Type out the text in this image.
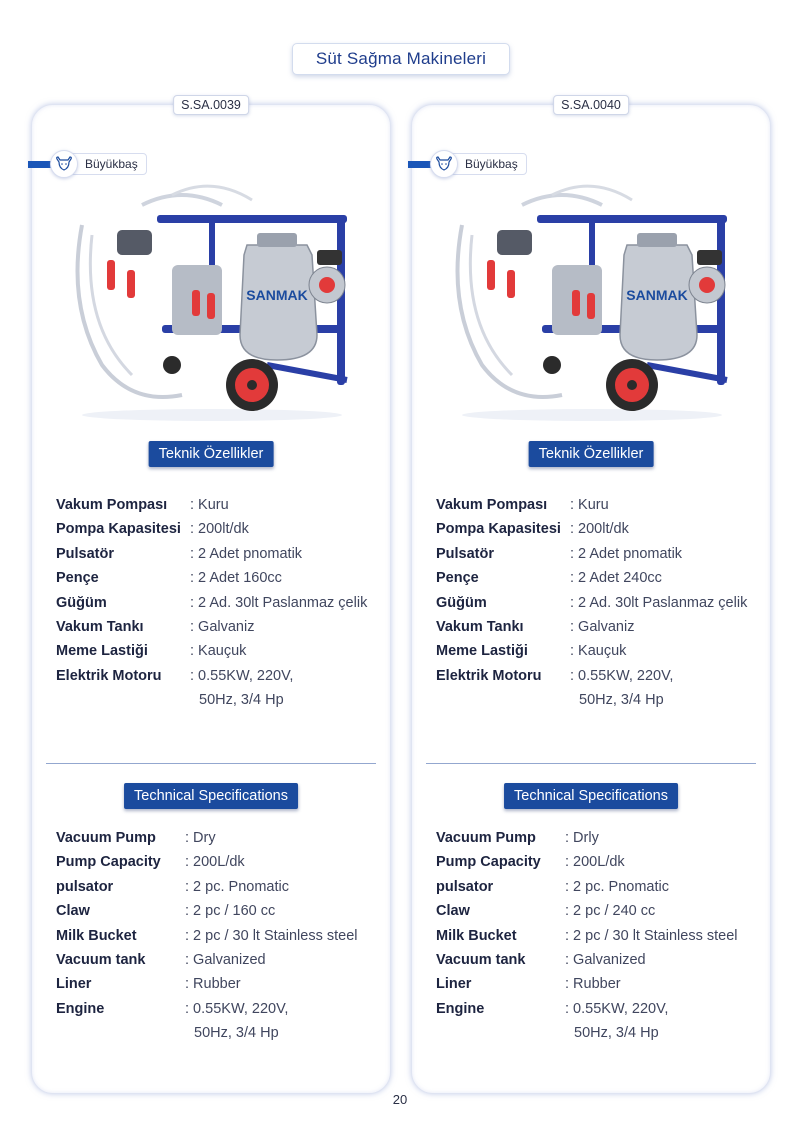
Süt Sağma Makineleri
S.SA.0039
Büyükbaş
SANMAK
Teknik Özellikler
Vakum Pompası	: Kuru
Pompa Kapasitesi : 200lt/dk
Pulsatör	: 2 Adet pnomatik
Pençe	: 2 Adet 160cc
Güğüm	: 2 Ad. 30lt Paslanmaz çelik
Vakum Tankı	: Galvaniz
Meme Lastiği	: Kauçuk
Elektrik Motoru	: 0.55KW, 220V,
50Hz, 3/4 Hp
Technical Specifications
Vacuum Pump	: Dry
Pump Capacity	: 200L/dk
pulsator	: 2 pc. Pnomatic
Claw	: 2 pc / 160 cc
Milk Bucket	: 2 pc / 30 lt Stainless steel
Vacuum tank	: Galvanized
Liner	: Rubber
Engine	: 0.55KW, 220V,
50Hz, 3/4 Hp
S.SA.0040
Büyükbaş
SANMAK
Teknik Özellikler
Vakum Pompası	: Kuru
Pompa Kapasitesi : 200lt/dk
Pulsatör	: 2 Adet pnomatik
Pençe	: 2 Adet 240cc
Güğüm	: 2 Ad. 30lt Paslanmaz çelik
Vakum Tankı	: Galvaniz
Meme Lastiği	: Kauçuk
Elektrik Motoru	: 0.55KW, 220V,
50Hz, 3/4 Hp
Technical Specifications
Vacuum Pump	: Drly
Pump Capacity	: 200L/dk
pulsator	: 2 pc. Pnomatic
Claw	: 2 pc / 240 cc
Milk Bucket	: 2 pc / 30 lt Stainless steel
Vacuum tank	: Galvanized
Liner	: Rubber
Engine	: 0.55KW, 220V,
50Hz, 3/4 Hp
20
